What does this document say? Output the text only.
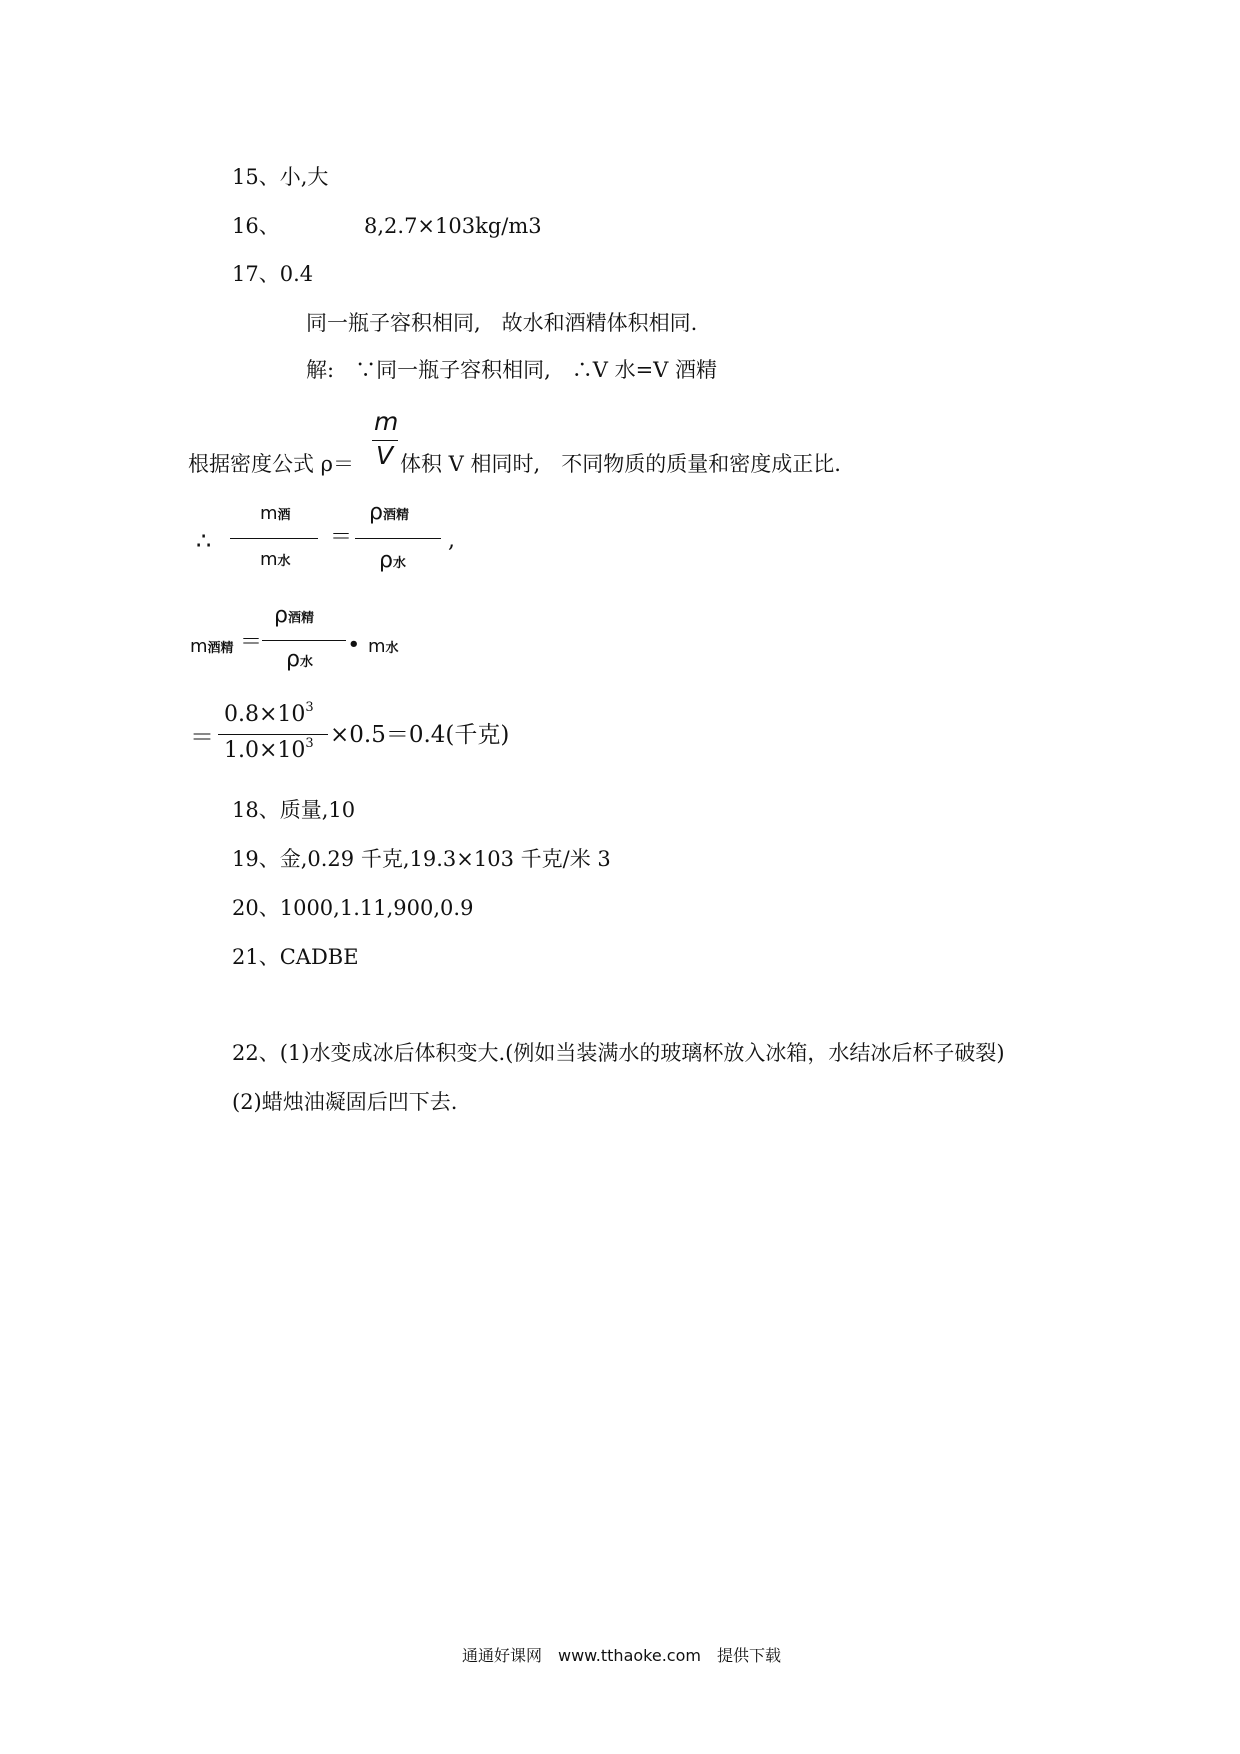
15、小,大
16、	8,2.7×103kg/m3
17、0.4
同一瓶子容积相同,　故水和酒精体积相同.
解:　∵同一瓶子容积相同,　∴V 水=V 酒精
根据密度公式 ρ＝
m
V 体积 V 相同时,　不同物质的质量和密度成正比.
∴
m酒
m水
＝
ρ酒精
ρ水
,
m酒精 ＝
ρ酒精
ρ水
• m水
＝
$0.8\times 10^3$
$1.0\times 10^3 \times 0.5=0.4$(千克)
18、质量,10
19、金,0.29 千克,19.3×103 千克/米 3
20、1000,1.11,900,0.9
21、CADBE
22、(1)水变成冰后体积变大.(例如当装满水的玻璃杯放入冰箱，水结冰后杯子破裂)
(2)蜡烛油凝固后凹下去.
通通好课网　www.tthaoke.com　提供下载
